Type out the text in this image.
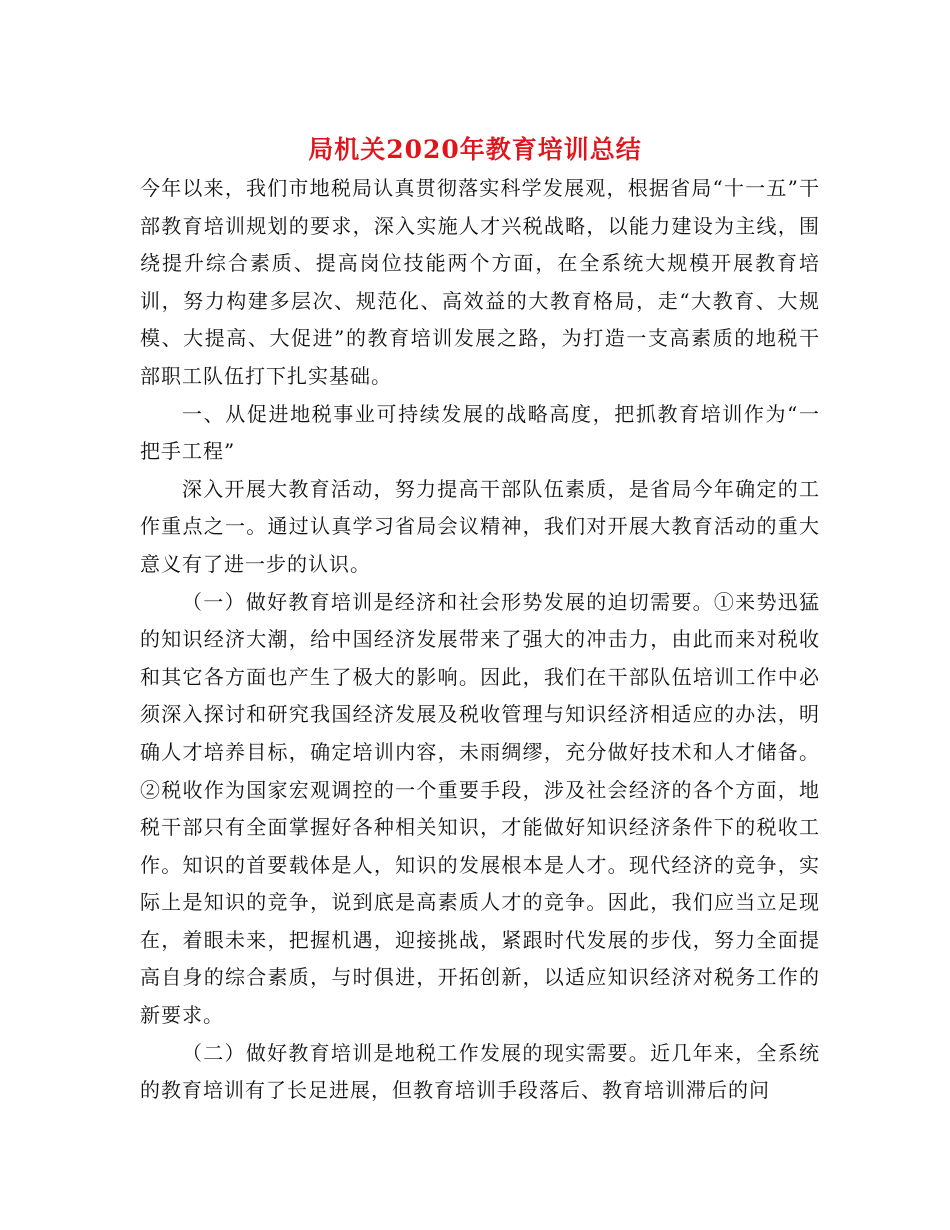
局机关2020年教育培训总结

今年以来，我们市地税局认真贯彻落实科学发展观，根据省局“十一五”干部教育培训规划的要求，深入实施人才兴税战略，以能力建设为主线，围绕提升综合素质、提高岗位技能两个方面，在全系统大规模开展教育培训，努力构建多层次、规范化、高效益的大教育格局，走“大教育、大规模、大提高、大促进”的教育培训发展之路，为打造一支高素质的地税干部职工队伍打下扎实基础。

一、从促进地税事业可持续发展的战略高度，把抓教育培训作为“一把手工程”

深入开展大教育活动，努力提高干部队伍素质，是省局今年确定的工作重点之一。通过认真学习省局会议精神，我们对开展大教育活动的重大意义有了进一步的认识。

（一）做好教育培训是经济和社会形势发展的迫切需要。①来势迅猛的知识经济大潮，给中国经济发展带来了强大的冲击力，由此而来对税收和其它各方面也产生了极大的影响。因此，我们在干部队伍培训工作中必须深入探讨和研究我国经济发展及税收管理与知识经济相适应的办法，明确人才培养目标，确定培训内容，未雨绸缪，充分做好技术和人才储备。②税收作为国家宏观调控的一个重要手段，涉及社会经济的各个方面，地税干部只有全面掌握好各种相关知识，才能做好知识经济条件下的税收工作。知识的首要载体是人，知识的发展根本是人才。现代经济的竞争，实际上是知识的竞争，说到底是高素质人才的竞争。因此，我们应当立足现在，着眼未来，把握机遇，迎接挑战，紧跟时代发展的步伐，努力全面提高自身的综合素质，与时俱进，开拓创新，以适应知识经济对税务工作的新要求。

（二）做好教育培训是地税工作发展的现实需要。近几年来，全系统的教育培训有了长足进展，但教育培训手段落后、教育培训滞后的问
